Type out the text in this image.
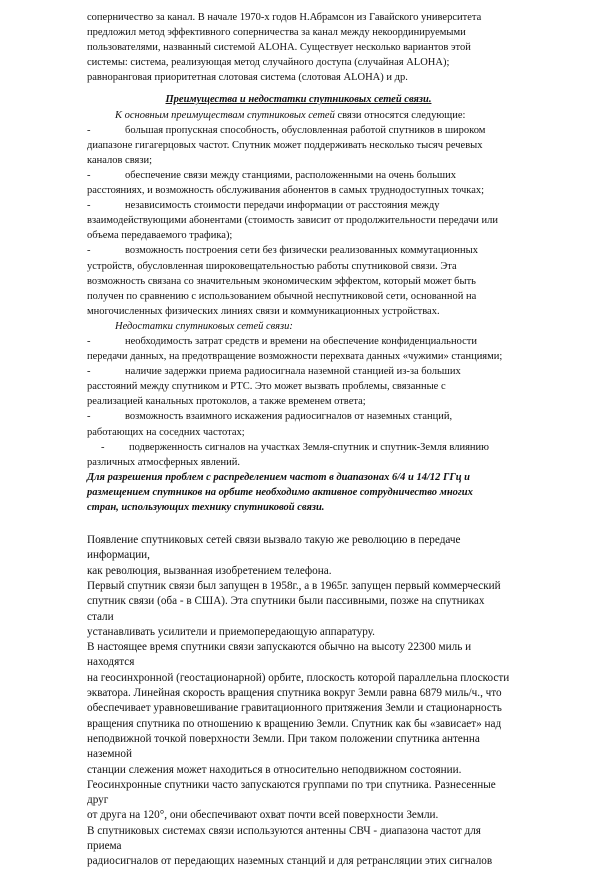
соперничество за канал. В начале 1970-х годов Н.Абрамсон из Гавайского университета
предложил метод эффективного соперничества за канал между некоординируемыми
пользователями, названный системой ALOHA. Существует несколько вариантов этой
системы: система, реализующая метод случайного доступа (случайная ALOHA);
равноранговая приоритетная слотовая система (слотовая ALOHA) и др.

Преимущества и недостатки спутниковых сетей связи.

К основным преимуществам спутниковых сетей связи относятся следующие:

-	большая пропускная способность, обусловленная работой спутников в широком

диапазоне гигагерцовых частот. Спутник может поддерживать несколько тысяч речевых
каналов связи;

-	обеспечение связи между станциями, расположенными на очень больших

расстояниях, и возможность обслуживания абонентов в самых труднодоступных точках;

-	независимость стоимости передачи информации от расстояния между

взаимодействующими абонентами (стоимость зависит от продолжительности передачи или
объема передаваемого трафика);

-	возможность построения сети без физически реализованных коммутационных

устройств, обусловленная широковещательностью работы спутниковой связи. Эта
возможность связана со значительным экономическим эффектом, который может быть
получен по сравнению с использованием обычной неспутниковой сети, основанной на
многочисленных физических линиях связи и коммуникационных устройствах.

Недостатки спутниковых сетей связи:

-	необходимость затрат средств и времени на обеспечение конфиденциальности

передачи данных, на предотвращение возможности перехвата данных «чужими» станциями;

-	наличие задержки приема радиосигнала наземной станцией из-за больших

расстояний между спутником и РТС. Это может вызвать проблемы, связанные с
реализацией канальных протоколов, а также временем ответа;

-	возможность взаимного искажения радиосигналов от наземных станций,

работающих на соседних частотах;

-	подверженность сигналов на участках Земля-спутник и спутник-Земля влиянию

различных атмосферных явлений.

Для разрешения проблем с распределением частот в диапазонах 6/4 и 14/12 ГГц и
размещением спутников на орбите необходимо активное сотрудничество многих
стран, использующих технику спутниковой связи.

Появление спутниковых сетей связи вызвало такую же революцию в передаче информации,
как революция, вызванная изобретением телефона.

Первый спутник связи был запущен в 1958г., а в 1965г. запущен первый коммерческий
спутник связи (оба - в США). Эта спутники были пассивными, позже на спутниках стали
устанавливать усилители и приемопередающую аппаратуру.

В настоящее время спутники связи запускаются обычно на высоту 22300 миль и находятся
на геосинхронной (геостационарной) орбите, плоскость которой параллельна плоскости
экватора. Линейная скорость вращения спутника вокруг Земли равна 6879 миль/ч., что
обеспечивает уравновешивание гравитационного притяжения Земли и стационарность
вращения спутника по отношению к вращению Земли. Спутник как бы «зависает» над
неподвижной точкой поверхности Земли. При таком положении спутника антенна наземной
станции слежения может находиться в относительно неподвижном состоянии.

Геосинхронные спутники часто запускаются группами по три спутника. Разнесенные друг
от друга на 120°, они обеспечивают охват почти всей поверхности Земли.

В спутниковых системах связи используются антенны СВЧ - диапазона частот для приема
радиосигналов от передающих наземных станций и для ретрансляции этих сигналов
